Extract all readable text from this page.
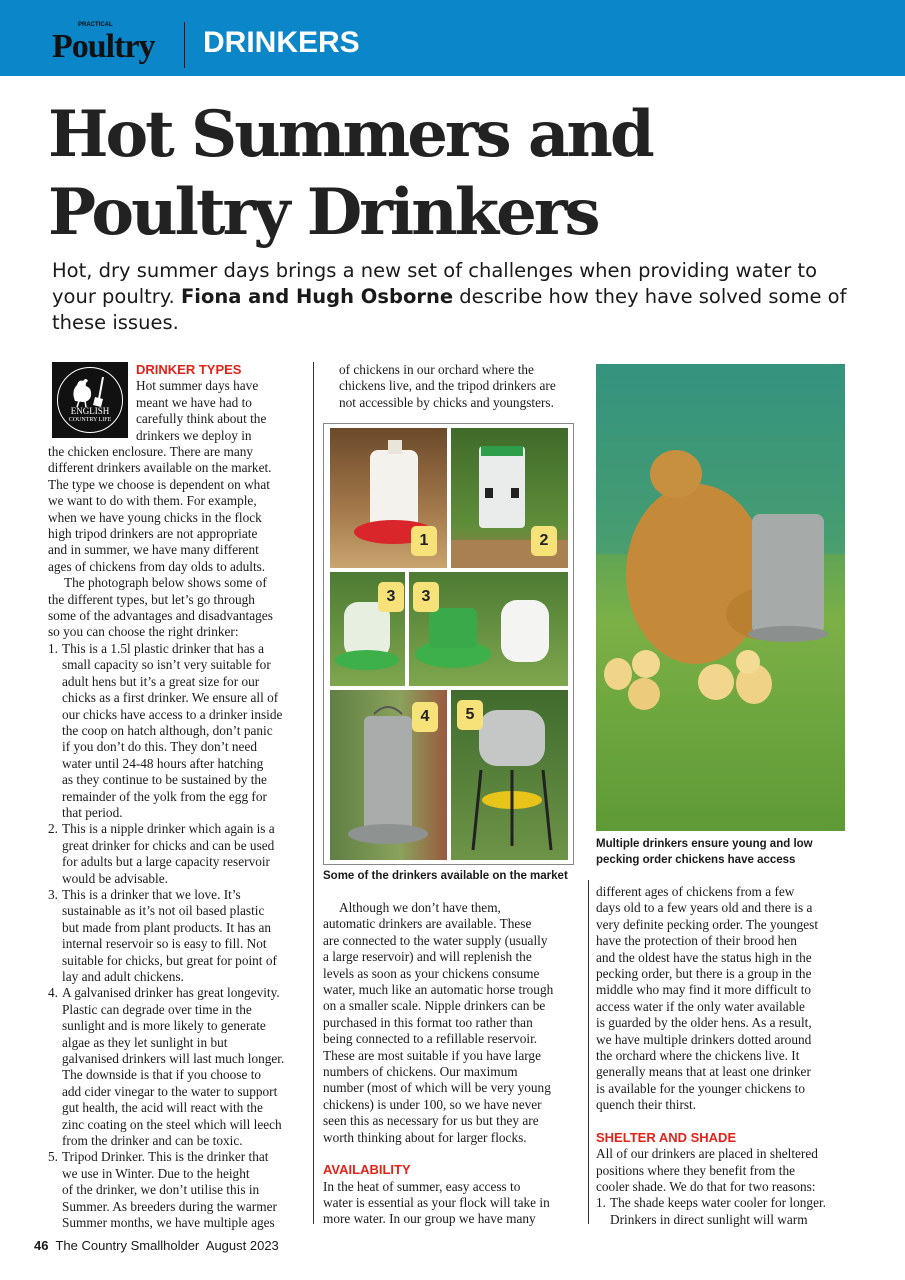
PRACTICAL
Poultry DRINKERS
Hot Summers and
Poultry Drinkers
Hot, dry summer days brings a new set of challenges when providing water to your poultry. Fiona and Hugh Osborne describe how they have solved some of these issues.
ENGLISH
COUNTRY LIFE
DRINKER TYPES
Hot summer days have
meant we have had to
carefully think about the
drinkers we deploy in
the chicken enclosure. There are many
different drinkers available on the market.
The type we choose is dependent on what
we want to do with them. For example,
when we have young chicks in the flock
high tripod drinkers are not appropriate
and in summer, we have many different
ages of chickens from day olds to adults.
The photograph below shows some of
the different types, but let’s go through
some of the advantages and disadvantages
so you can choose the right drinker:
1. This is a 1.5l plastic drinker that has a
small capacity so isn’t very suitable for
adult hens but it’s a great size for our
chicks as a first drinker. We ensure all of
our chicks have access to a drinker inside
the coop on hatch although, don’t panic
if you don’t do this. They don’t need
water until 24-48 hours after hatching
as they continue to be sustained by the
remainder of the yolk from the egg for
that period.
2. This is a nipple drinker which again is a
great drinker for chicks and can be used
for adults but a large capacity reservoir
would be advisable.
3. This is a drinker that we love. It’s
sustainable as it’s not oil based plastic
but made from plant products. It has an
internal reservoir so is easy to fill. Not
suitable for chicks, but great for point of
lay and adult chickens.
4. A galvanised drinker has great longevity.
Plastic can degrade over time in the
sunlight and is more likely to generate
algae as they let sunlight in but
galvanised drinkers will last much longer.
The downside is that if you choose to
add cider vinegar to the water to support
gut health, the acid will react with the
zinc coating on the steel which will leech
from the drinker and can be toxic.
5. Tripod Drinker. This is the drinker that
we use in Winter. Due to the height
of the drinker, we don’t utilise this in
Summer. As breeders during the warmer
Summer months, we have multiple ages
of chickens in our orchard where the
chickens live, and the tripod drinkers are
not accessible by chicks and youngsters.
1	2
3	3
4	5
Some of the drinkers available on the market
Although we don’t have them,
automatic drinkers are available. These
are connected to the water supply (usually
a large reservoir) and will replenish the
levels as soon as your chickens consume
water, much like an automatic horse trough
on a smaller scale. Nipple drinkers can be
purchased in this format too rather than
being connected to a refillable reservoir.
These are most suitable if you have large
numbers of chickens. Our maximum
number (most of which will be very young
chickens) is under 100, so we have never
seen this as necessary for us but they are
worth thinking about for larger flocks.
AVAILABILITY
In the heat of summer, easy access to
water is essential as your flock will take in
more water. In our group we have many
Multiple drinkers ensure young and low
pecking order chickens have access
different ages of chickens from a few
days old to a few years old and there is a
very definite pecking order. The youngest
have the protection of their brood hen
and the oldest have the status high in the
pecking order, but there is a group in the
middle who may find it more difficult to
access water if the only water available
is guarded by the older hens. As a result,
we have multiple drinkers dotted around
the orchard where the chickens live. It
generally means that at least one drinker
is available for the younger chickens to
quench their thirst.
SHELTER AND SHADE
All of our drinkers are placed in sheltered
positions where they benefit from the
cooler shade. We do that for two reasons:
1. The shade keeps water cooler for longer.
Drinkers in direct sunlight will warm
46 The Country Smallholder August 2023
